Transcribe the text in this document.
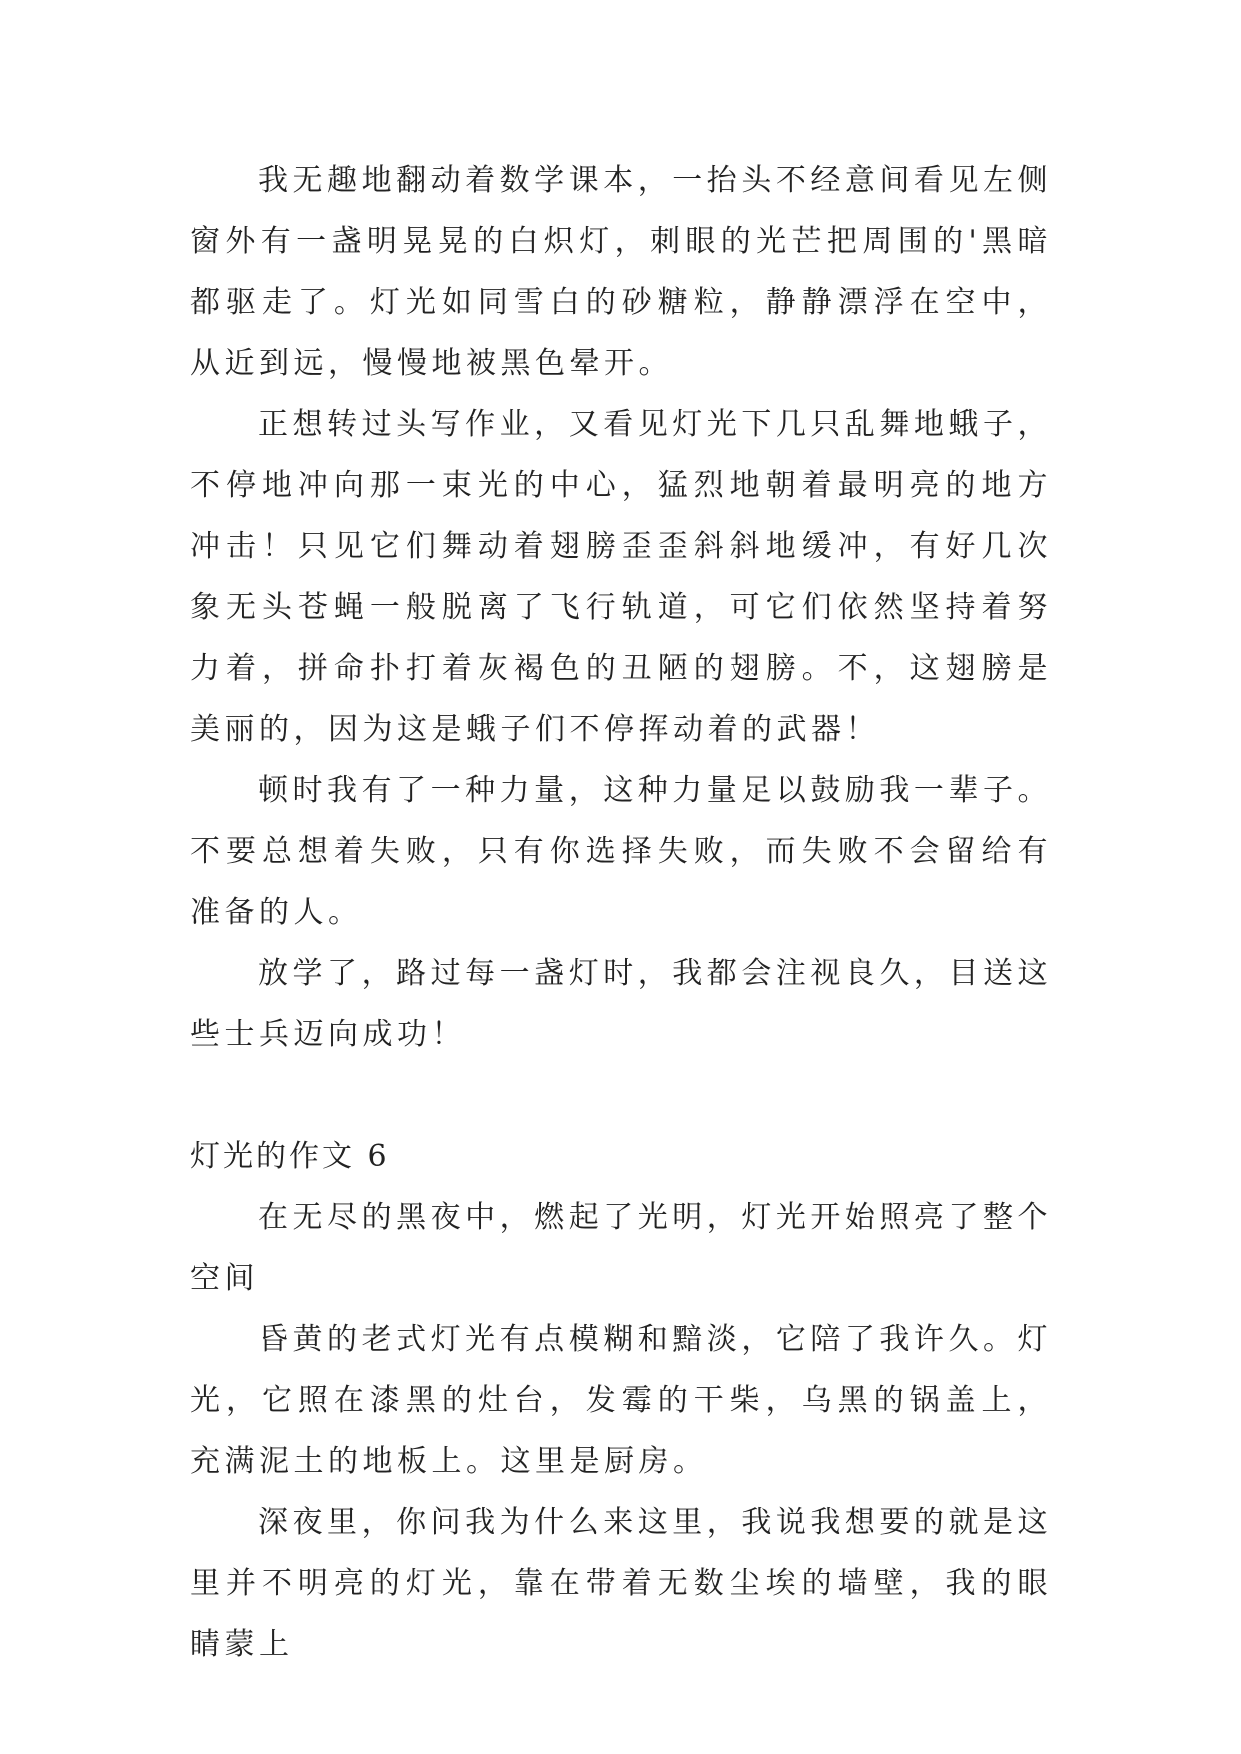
我无趣地翻动着数学课本，一抬头不经意间看见左侧窗外有一盏明晃晃的白炽灯，刺眼的光芒把周围的'黑暗都驱走了。灯光如同雪白的砂糖粒，静静漂浮在空中，从近到远，慢慢地被黑色晕开。

正想转过头写作业，又看见灯光下几只乱舞地蛾子，不停地冲向那一束光的中心，猛烈地朝着最明亮的地方冲击！只见它们舞动着翅膀歪歪斜斜地缓冲，有好几次象无头苍蝇一般脱离了飞行轨道，可它们依然坚持着努力着，拼命扑打着灰褐色的丑陋的翅膀。不，这翅膀是美丽的，因为这是蛾子们不停挥动着的武器！

顿时我有了一种力量，这种力量足以鼓励我一辈子。不要总想着失败，只有你选择失败，而失败不会留给有准备的人。

放学了，路过每一盏灯时，我都会注视良久，目送这些士兵迈向成功！

灯光的作文 6

在无尽的黑夜中，燃起了光明，灯光开始照亮了整个空间

昏黄的老式灯光有点模糊和黯淡，它陪了我许久。灯光，它照在漆黑的灶台，发霉的干柴，乌黑的锅盖上，充满泥土的地板上。这里是厨房。

深夜里，你问我为什么来这里，我说我想要的就是这里并不明亮的灯光，靠在带着无数尘埃的墙壁，我的眼睛蒙上
